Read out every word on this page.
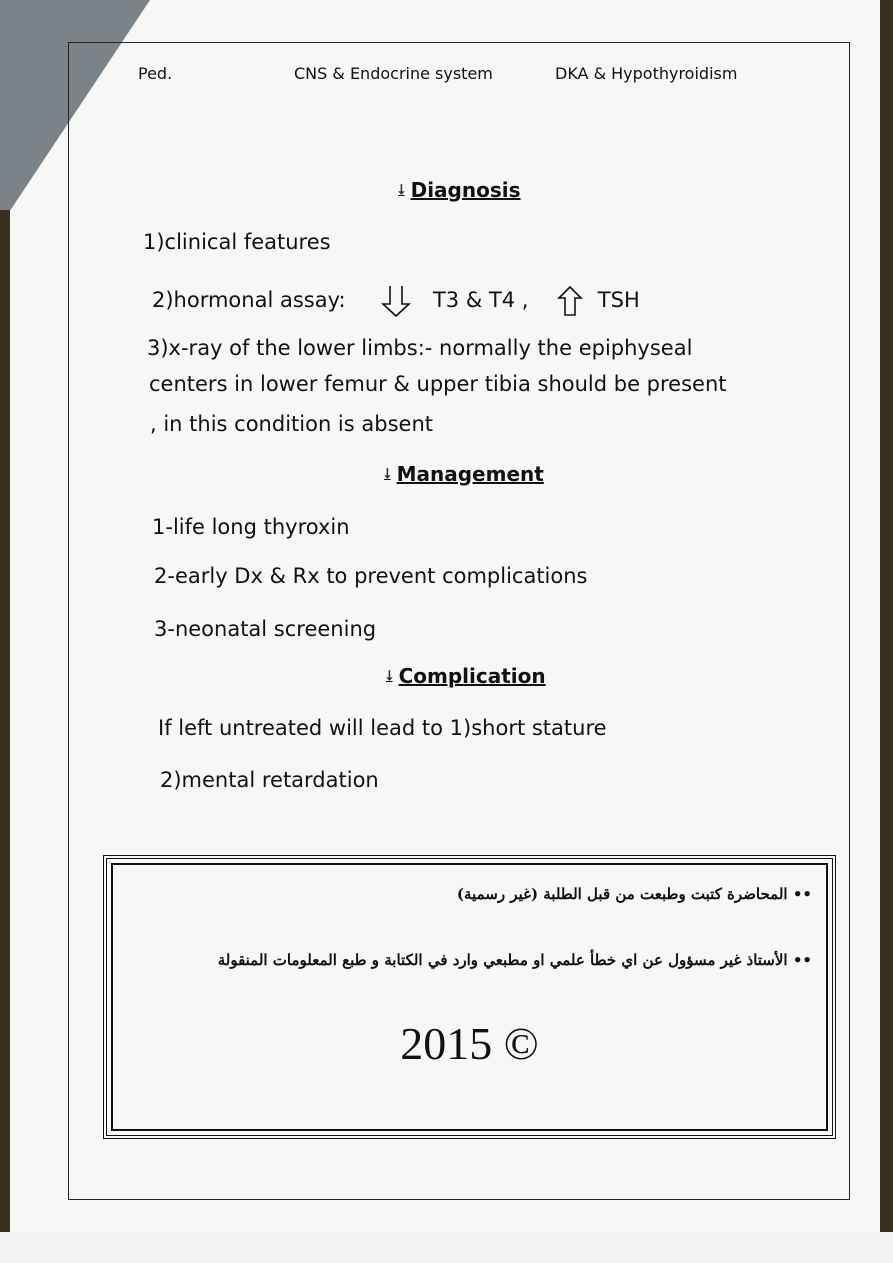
Ped.	CNS & Endocrine system	DKA & Hypothyroidism
⭣ Diagnosis
1)clinical features
2)hormonal assay:	T3 & T4 ,	TSH
3)x-ray of the lower limbs:- normally the epiphyseal
centers in lower femur & upper tibia should be present
, in this condition is absent
⭣ Management
1-life long thyroxin
2-early Dx & Rx to prevent complications
3-neonatal screening
⭣ Complication
If left untreated will lead to 1)short stature
2)mental retardation
•• المحاضرة كتبت وطبعت من قبل الطلبة (غير رسمية)
•• الأستاذ غير مسؤول عن اي خطأ علمي او مطبعي وارد في الكتابة و طبع المعلومات المنقولة
2015 ©
